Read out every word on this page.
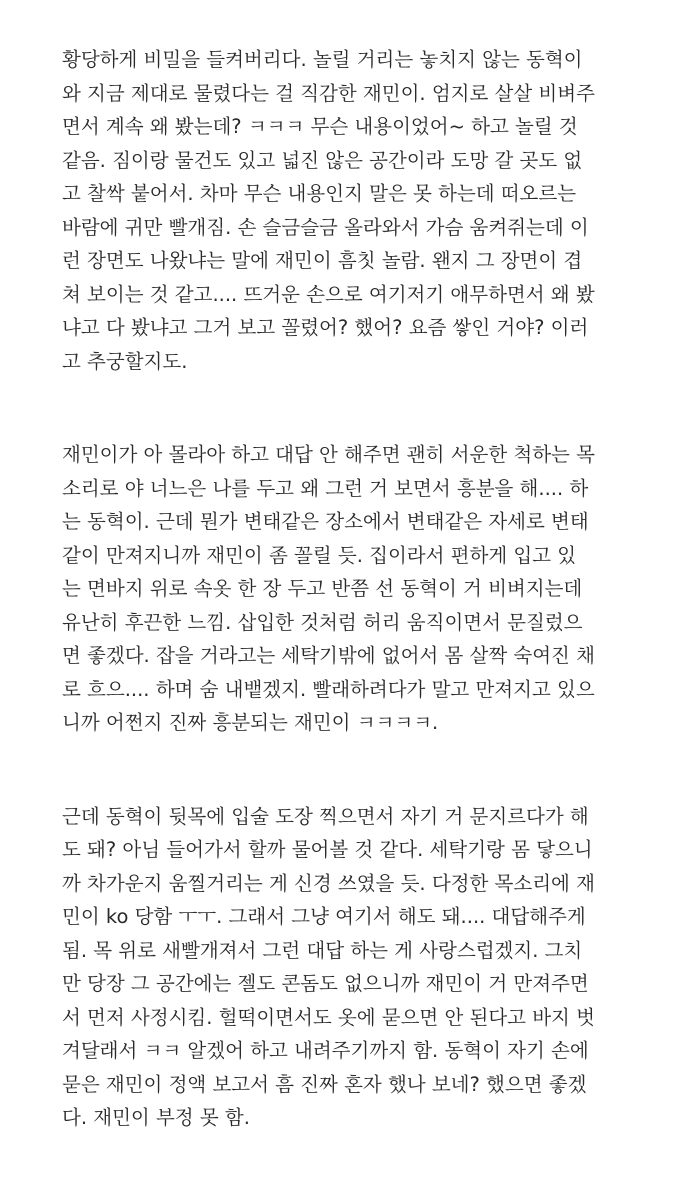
황당하게 비밀을 들켜버리다. 놀릴 거리는 놓치지 않는 동혁이
와 지금 제대로 물렸다는 걸 직감한 재민이. 엄지로 살살 비벼주
면서 계속 왜 봤는데? ㅋㅋㅋ 무슨 내용이었어~ 하고 놀릴 것
같음. 짐이랑 물건도 있고 넓진 않은 공간이라 도망 갈 곳도 없
고 찰싹 붙어서. 차마 무슨 내용인지 말은 못 하는데 떠오르는
바람에 귀만 빨개짐. 손 슬금슬금 올라와서 가슴 움켜쥐는데 이
런 장면도 나왔냐는 말에 재민이 흠칫 놀람. 왠지 그 장면이 겹
쳐 보이는 것 같고.... 뜨거운 손으로 여기저기 애무하면서 왜 봤
냐고 다 봤냐고 그거 보고 꼴렸어? 했어? 요즘 쌓인 거야? 이러
고 추궁할지도.
재민이가 아 몰라아 하고 대답 안 해주면 괜히 서운한 척하는 목
소리로 야 너느은 나를 두고 왜 그런 거 보면서 흥분을 해.... 하
는 동혁이. 근데 뭔가 변태같은 장소에서 변태같은 자세로 변태
같이 만져지니까 재민이 좀 꼴릴 듯. 집이라서 편하게 입고 있
는 면바지 위로 속옷 한 장 두고 반쯤 선 동혁이 거 비벼지는데
유난히 후끈한 느낌. 삽입한 것처럼 허리 움직이면서 문질렀으
면 좋겠다. 잡을 거라고는 세탁기밖에 없어서 몸 살짝 숙여진 채
로 흐으.... 하며 숨 내뱉겠지. 빨래하려다가 말고 만져지고 있으
니까 어쩐지 진짜 흥분되는 재민이 ㅋㅋㅋㅋ.
근데 동혁이 뒷목에 입술 도장 찍으면서 자기 거 문지르다가 해
도 돼? 아님 들어가서 할까 물어볼 것 같다. 세탁기랑 몸 닿으니
까 차가운지 움찔거리는 게 신경 쓰였을 듯. 다정한 목소리에 재
민이 ko 당함 ㅜㅜ. 그래서 그냥 여기서 해도 돼.... 대답해주게
됨. 목 위로 새빨개져서 그런 대답 하는 게 사랑스럽겠지. 그치
만 당장 그 공간에는 젤도 콘돔도 없으니까 재민이 거 만져주면
서 먼저 사정시킴. 헐떡이면서도 옷에 묻으면 안 된다고 바지 벗
겨달래서 ㅋㅋ 알겠어 하고 내려주기까지 함. 동혁이 자기 손에
묻은 재민이 정액 보고서 흠 진짜 혼자 했나 보네? 했으면 좋겠
다. 재민이 부정 못 함.
